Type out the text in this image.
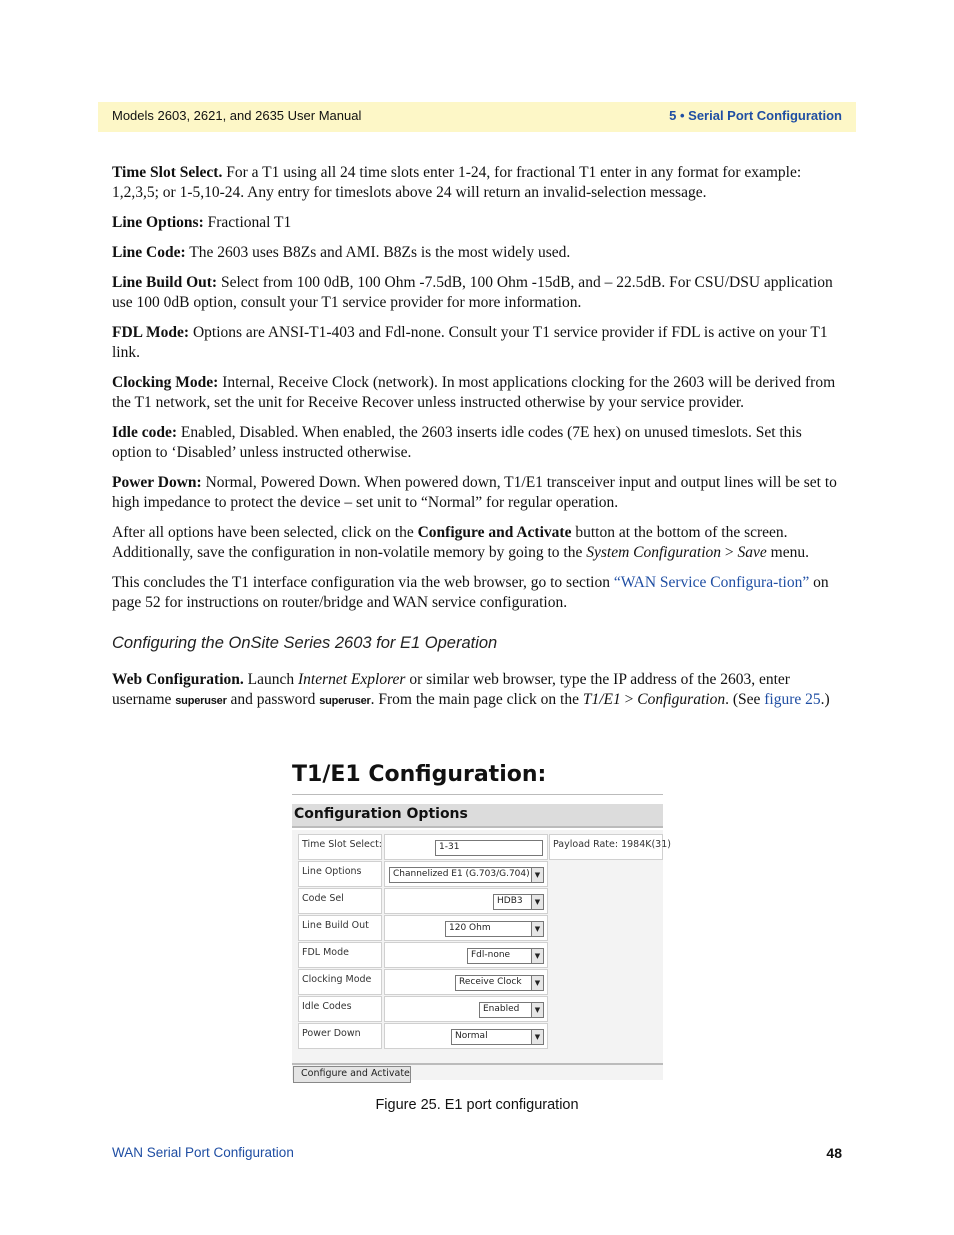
Models 2603, 2621, and 2635 User Manual	5 • Serial Port Configuration

Time Slot Select. For a T1 using all 24 time slots enter 1-24, for fractional T1 enter in any format for example: 1,2,3,5; or 1-5,10-24. Any entry for timeslots above 24 will return an invalid-selection message.

Line Options: Fractional T1

Line Code: The 2603 uses B8Zs and AMI. B8Zs is the most widely used.

Line Build Out: Select from 100 0dB, 100 Ohm -7.5dB, 100 Ohm -15dB, and – 22.5dB. For CSU/DSU application use 100 0dB option, consult your T1 service provider for more information.

FDL Mode: Options are ANSI-T1-403 and Fdl-none. Consult your T1 service provider if FDL is active on your T1 link.

Clocking Mode: Internal, Receive Clock (network). In most applications clocking for the 2603 will be derived from the T1 network, set the unit for Receive Recover unless instructed otherwise by your service provider.

Idle code: Enabled, Disabled. When enabled, the 2603 inserts idle codes (7E hex) on unused timeslots. Set this option to ‘Disabled’ unless instructed otherwise.

Power Down: Normal, Powered Down. When powered down, T1/E1 transceiver input and output lines will be set to high impedance to protect the device – set unit to “Normal” for regular operation.

After all options have been selected, click on the Configure and Activate button at the bottom of the screen. Additionally, save the configuration in non-volatile memory by going to the System Configuration > Save menu.

This concludes the T1 interface configuration via the web browser, go to section “WAN Service Configura-tion” on page 52 for instructions on router/bridge and WAN service configuration.

Configuring the OnSite Series 2603 for E1 Operation

Web Configuration. Launch Internet Explorer or similar web browser, type the IP address of the 2603, enter username superuser and password superuser. From the main page click on the T1/E1 > Configuration. (See figure 25.)

T1/E1 Configuration:
Configuration Options
Time Slot Select:	1-31	Payload Rate: 1984K(31)
Line Options	Channelized E1 (G.703/G.704) ▼
Code Sel	HDB3	▼
Line Build Out	120 Ohm	▼
FDL Mode	Fdl-none	▼
Clocking Mode	Receive Clock	▼
Idle Codes	Enabled	▼
Power Down	Normal	▼
Configure and Activate
Figure 25. E1 port configuration
WAN Serial Port Configuration	48
